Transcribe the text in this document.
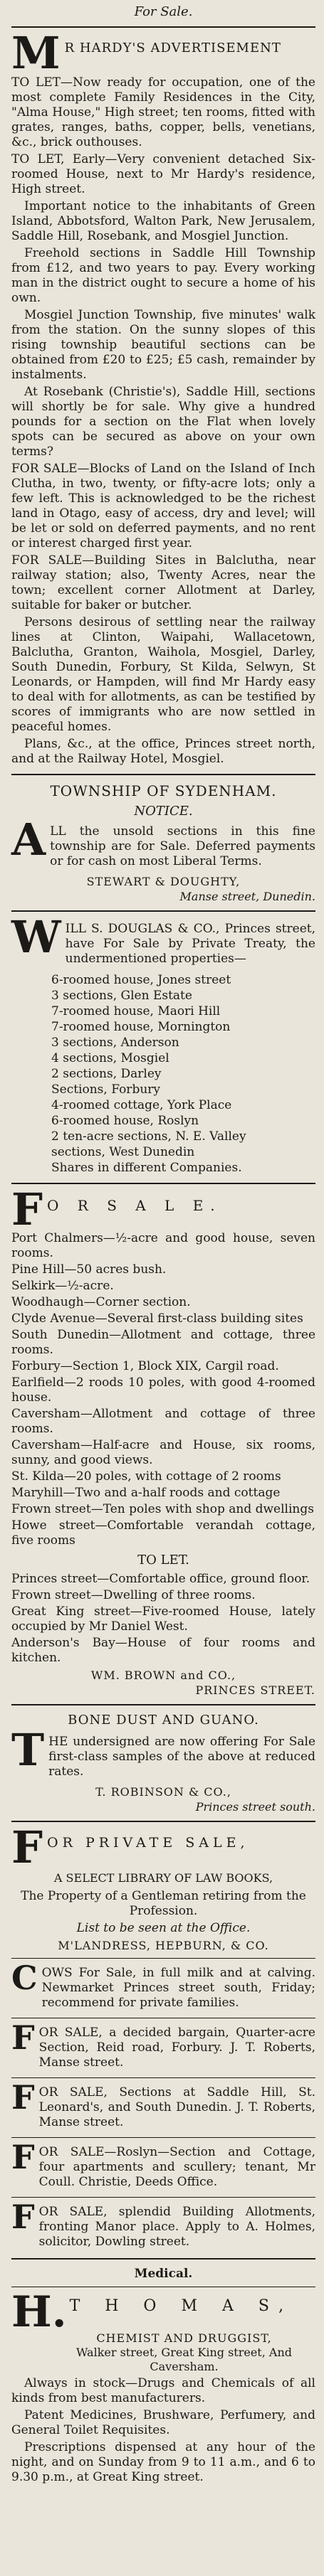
For Sale.
M R HARDY'S ADVERTISEMENT

TO LET—Now ready for occupation, one of the most complete Family Residences in the City, "Alma House," High street; ten rooms, fitted with grates, ranges, baths, copper, bells, venetians, &c., brick outhouses.

TO LET, Early—Very convenient detached Six-roomed House, next to Mr Hardy's residence, High street.

Important notice to the inhabitants of Green Island, Abbotsford, Walton Park, New Jerusalem, Saddle Hill, Rosebank, and Mosgiel Junction.

Freehold sections in Saddle Hill Township from £12, and two years to pay. Every working man in the district ought to secure a home of his own.

Mosgiel Junction Township, five minutes' walk from the station. On the sunny slopes of this rising township beautiful sections can be obtained from £20 to £25; £5 cash, remainder by instalments.

At Rosebank (Christie's), Saddle Hill, sections will shortly be for sale. Why give a hundred pounds for a section on the Flat when lovely spots can be secured as above on your own terms?

FOR SALE—Blocks of Land on the Island of Inch Clutha, in two, twenty, or fifty-acre lots; only a few left. This is acknowledged to be the richest land in Otago, easy of access, dry and level; will be let or sold on deferred payments, and no rent or interest charged first year.

FOR SALE—Building Sites in Balclutha, near railway station; also, Twenty Acres, near the town; excellent corner Allotment at Darley, suitable for baker or butcher.

Persons desirous of settling near the railway lines at Clinton, Waipahi, Wallacetown, Balclutha, Granton, Waihola, Mosgiel, Darley, South Dunedin, Forbury, St Kilda, Selwyn, St Leonards, or Hampden, will find Mr Hardy easy to deal with for allotments, as can be testified by scores of immigrants who are now settled in peaceful homes.

Plans, &c., at the office, Princes street north, and at the Railway Hotel, Mosgiel.

TOWNSHIP OF SYDENHAM.
NOTICE.
A LL the unsold sections in this fine township are for Sale. Deferred payments or for cash on most Liberal Terms.

STEWART & DOUGHTY,
Manse street, Dunedin.
W ILL S. DOUGLAS & CO., Princes street, have For Sale by Private Treaty, the undermentioned properties—

6-roomed house, Jones street
3 sections, Glen Estate
7-roomed house, Maori Hill
7-roomed house, Mornington
3 sections, Anderson
4 sections, Mosgiel
2 sections, Darley
Sections, Forbury
4-roomed cottage, York Place
6-roomed house, Roslyn
2 ten-acre sections, N. E. Valley
sections, West Dunedin
Shares in different Companies.
F O R S A L E.

Port Chalmers—½-acre and good house, seven rooms.

Pine Hill—50 acres bush.

Selkirk—½-acre.

Woodhaugh—Corner section.

Clyde Avenue—Several first-class building sites

South Dunedin—Allotment and cottage, three rooms.

Forbury—Section 1, Block XIX, Cargil road.

Earlfield—2 roods 10 poles, with good 4-roomed house.

Caversham—Allotment and cottage of three rooms.

Caversham—Half-acre and House, six rooms, sunny, and good views.

St. Kilda—20 poles, with cottage of 2 rooms

Maryhill—Two and a-half roods and cottage

Frown street—Ten poles with shop and dwellings

Howe street—Comfortable verandah cottage, five rooms

TO LET.

Princes street—Comfortable office, ground floor.

Frown street—Dwelling of three rooms.

Great King street—Five-roomed House, lately occupied by Mr Daniel West.

Anderson's Bay—House of four rooms and kitchen.

WM. BROWN and CO.,
PRINCES STREET.
BONE DUST AND GUANO.
T HE undersigned are now offering For Sale first-class samples of the above at reduced rates.

T. ROBINSON & CO.,
Princes street south.
F OR PRIVATE SALE,
A SELECT LIBRARY OF LAW BOOKS,

The Property of a Gentleman retiring from the Profession.

List to be seen at the Office.

M'LANDRESS, HEPBURN, & CO.
C OWS For Sale, in full milk and at calving. Newmarket Princes street south, Friday; recommend for private families.

F OR SALE, a decided bargain, Quarter-acre Section, Reid road, Forbury. J. T. Roberts, Manse street.

F OR SALE, Sections at Saddle Hill, St. Leonard's, and South Dunedin. J. T. Roberts, Manse street.

F OR SALE—Roslyn—Section and Cottage, four apartments and scullery; tenant, Mr Coull. Christie, Deeds Office.

F OR SALE, splendid Building Allotments, fronting Manor place. Apply to A. Holmes, solicitor, Dowling street.

Medical.
H. T H O M A S,
CHEMIST AND DRUGGIST,
Walker street, Great King street, And Caversham.

Always in stock—Drugs and Chemicals of all kinds from best manufacturers.

Patent Medicines, Brushware, Perfumery, and General Toilet Requisites.

Prescriptions dispensed at any hour of the night, and on Sunday from 9 to 11 a.m., and 6 to 9.30 p.m., at Great King street.
